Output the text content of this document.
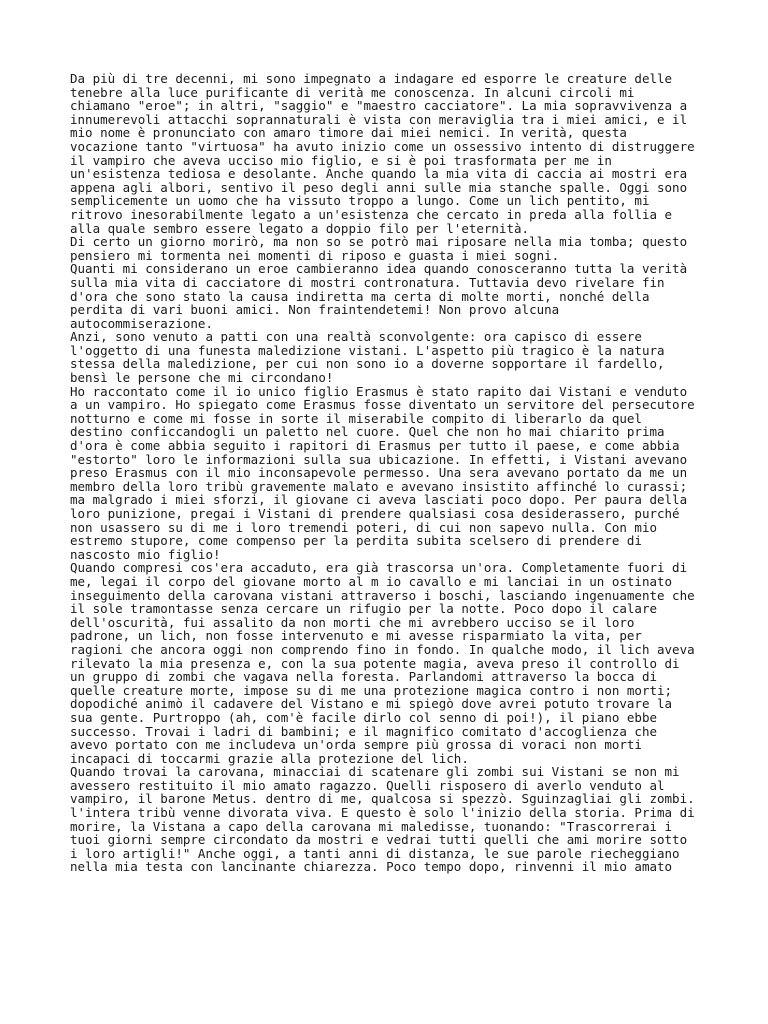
Da più di tre decenni, mi sono impegnato a indagare ed esporre le creature delle
tenebre alla luce purificante di verità me conoscenza. In alcuni circoli mi
chiamano "eroe"; in altri, "saggio" e "maestro cacciatore". La mia sopravvivenza a
innumerevoli attacchi soprannaturali è vista con meraviglia tra i miei amici, e il
mio nome è pronunciato con amaro timore dai miei nemici. In verità, questa
vocazione tanto "virtuosa" ha avuto inizio come un ossessivo intento di distruggere
il vampiro che aveva ucciso mio figlio, e si è poi trasformata per me in
un'esistenza tediosa e desolante. Anche quando la mia vita di caccia ai mostri era
appena agli albori, sentivo il peso degli anni sulle mia stanche spalle. Oggi sono
semplicemente un uomo che ha vissuto troppo a lungo. Come un lich pentito, mi
ritrovo inesorabilmente legato a un'esistenza che cercato in preda alla follia e
alla quale sembro essere legato a doppio filo per l'eternità.
Di certo un giorno morirò, ma non so se potrò mai riposare nella mia tomba; questo
pensiero mi tormenta nei momenti di riposo e guasta i miei sogni.
Quanti mi considerano un eroe cambieranno idea quando conosceranno tutta la verità
sulla mia vita di cacciatore di mostri contronatura. Tuttavia devo rivelare fin
d'ora che sono stato la causa indiretta ma certa di molte morti, nonché della
perdita di vari buoni amici. Non fraintendetemi! Non provo alcuna
autocommiserazione.
Anzi, sono venuto a patti con una realtà sconvolgente: ora capisco di essere
l'oggetto di una funesta maledizione vistani. L'aspetto più tragico è la natura
stessa della maledizione, per cui non sono io a doverne sopportare il fardello,
bensì le persone che mi circondano!
Ho raccontato come il io unico figlio Erasmus è stato rapito dai Vistani e venduto
a un vampiro. Ho spiegato come Erasmus fosse diventato un servitore del persecutore
notturno e come mi fosse in sorte il miserabile compito di liberarlo da quel
destino conficcandogli un paletto nel cuore. Quel che non ho mai chiarito prima
d'ora è come abbia seguito i rapitori di Erasmus per tutto il paese, e come abbia
"estorto" loro le informazioni sulla sua ubicazione. In effetti, i Vistani avevano
preso Erasmus con il mio inconsapevole permesso. Una sera avevano portato da me un
membro della loro tribù gravemente malato e avevano insistito affinché lo curassi;
ma malgrado i miei sforzi, il giovane ci aveva lasciati poco dopo. Per paura della
loro punizione, pregai i Vistani di prendere qualsiasi cosa desiderassero, purché
non usassero su di me i loro tremendi poteri, di cui non sapevo nulla. Con mio
estremo stupore, come compenso per la perdita subita scelsero di prendere di
nascosto mio figlio!
Quando compresi cos'era accaduto, era già trascorsa un'ora. Completamente fuori di
me, legai il corpo del giovane morto al m io cavallo e mi lanciai in un ostinato
inseguimento della carovana vistani attraverso i boschi, lasciando ingenuamente che
il sole tramontasse senza cercare un rifugio per la notte. Poco dopo il calare
dell'oscurità, fui assalito da non morti che mi avrebbero ucciso se il loro
padrone, un lich, non fosse intervenuto e mi avesse risparmiato la vita, per
ragioni che ancora oggi non comprendo fino in fondo. In qualche modo, il lich aveva
rilevato la mia presenza e, con la sua potente magia, aveva preso il controllo di
un gruppo di zombi che vagava nella foresta. Parlandomi attraverso la bocca di
quelle creature morte, impose su di me una protezione magica contro i non morti;
dopodiché animò il cadavere del Vistano e mi spiegò dove avrei potuto trovare la
sua gente. Purtroppo (ah, com'è facile dirlo col senno di poi!), il piano ebbe
successo. Trovai i ladri di bambini; e il magnifico comitato d'accoglienza che
avevo portato con me includeva un'orda sempre più grossa di voraci non morti
incapaci di toccarmi grazie alla protezione del lich.
Quando trovai la carovana, minacciai di scatenare gli zombi sui Vistani se non mi
avessero restituito il mio amato ragazzo. Quelli risposero di averlo venduto al
vampiro, il barone Metus. dentro di me, qualcosa si spezzò. Sguinzagliai gli zombi.
l'intera tribù venne divorata viva. E questo è solo l'inizio della storia. Prima di
morire, la Vistana a capo della carovana mi maledisse, tuonando: "Trascorrerai i
tuoi giorni sempre circondato da mostri e vedrai tutti quelli che ami morire sotto
i loro artigli!" Anche oggi, a tanti anni di distanza, le sue parole riecheggiano
nella mia testa con lancinante chiarezza. Poco tempo dopo, rinvenni il mio amato
